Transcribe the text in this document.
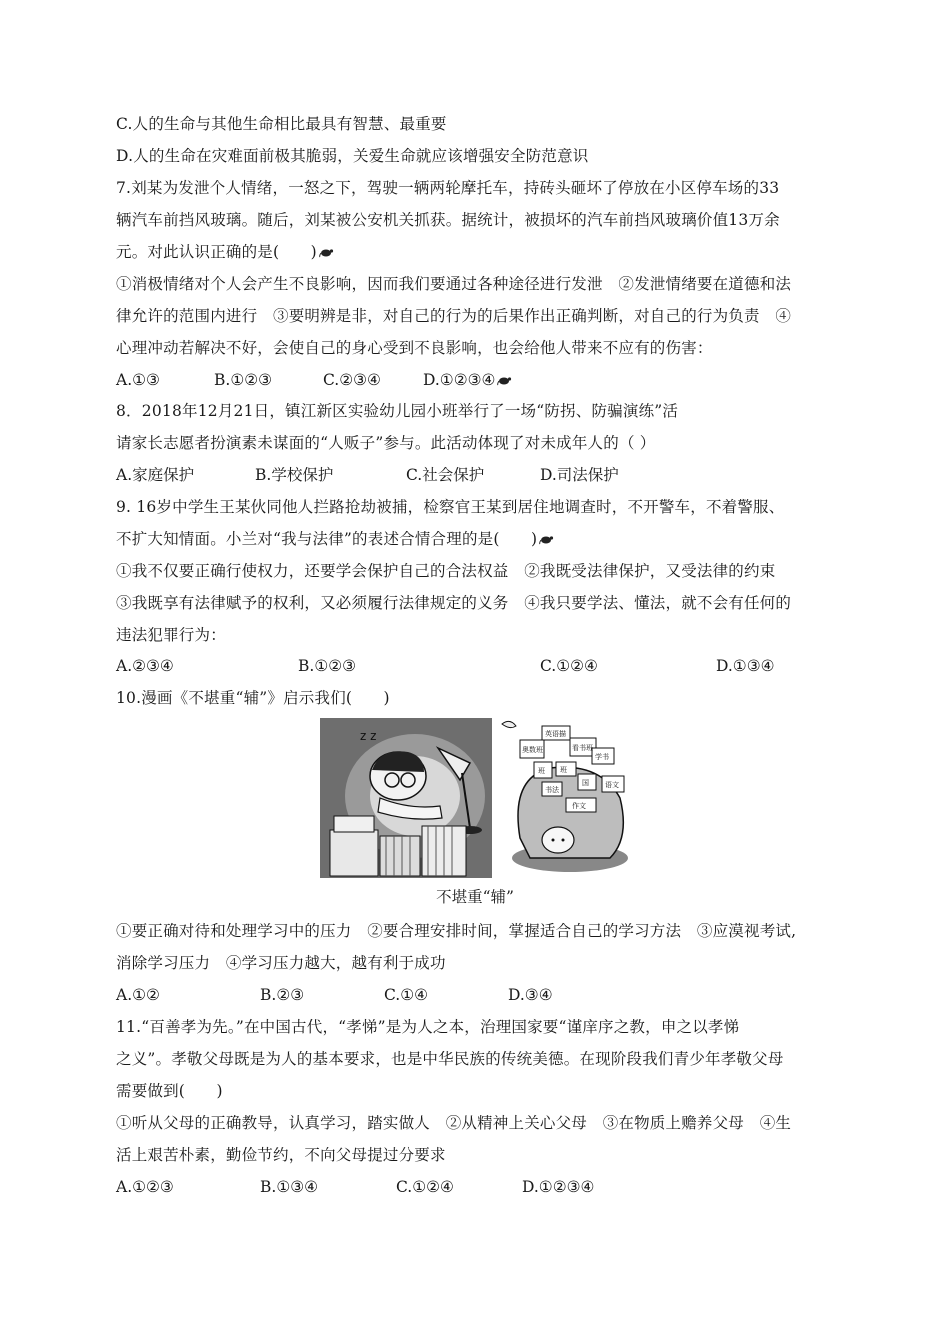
C.人的生命与其他生命相比最具有智慧、最重要
D.人的生命在灾难面前极其脆弱，关爱生命就应该增强安全防范意识
7.刘某为发泄个人情绪，一怒之下，驾驶一辆两轮摩托车，持砖头砸坏了停放在小区停车场的33
辆汽车前挡风玻璃。随后，刘某被公安机关抓获。据统计，被损坏的汽车前挡风玻璃价值13万余
元。对此认识正确的是(　　)
①消极情绪对个人会产生不良影响，因而我们要通过各种途径进行发泄　②发泄情绪要在道德和法
律允许的范围内进行　③要明辨是非，对自己的行为的后果作出正确判断，对自己的行为负责　④
心理冲动若解决不好，会使自己的身心受到不良影响，也会给他人带来不应有的伤害：
A.①③	B.①②③	C.②③④	D.①②③④
8．2018年12月21日，镇江新区实验幼儿园小班举行了一场“防拐、防骗演练”活
请家长志愿者扮演素未谋面的“人贩子”参与。此活动体现了对未成年人的（ ）
A.家庭保护	B.学校保护	C.社会保护	D.司法保护
9. 16岁中学生王某伙同他人拦路抢劫被捕，检察官王某到居住地调查时，不开警车，不着警服、
不扩大知情面。小兰对“我与法律”的表述合情合理的是(　　)
①我不仅要正确行使权力，还要学会保护自己的合法权益　②我既受法律保护，又受法律的约束
③我既享有法律赋予的权利，又必须履行法律规定的义务　④我只要学法、懂法，就不会有任何的
违法犯罪行为：
A.②③④	B.①②③	C.①②④	D.①③④
10.漫画《不堪重“辅”》启示我们(　　)
z z	英语描
奥数班	看书班
学书
班 班
国
书法
语文
作文
不堪重“辅”
①要正确对待和处理学习中的压力　②要合理安排时间，掌握适合自己的学习方法　③应漠视考试,
消除学习压力　④学习压力越大，越有利于成功
A.①②	B.②③	C.①④	D.③④
11.“百善孝为先。”在中国古代，“孝悌”是为人之本，治理国家要“谨庠序之教，申之以孝悌
之义”。孝敬父母既是为人的基本要求，也是中华民族的传统美德。在现阶段我们青少年孝敬父母
需要做到(　　)
①听从父母的正确教导，认真学习，踏实做人　②从精神上关心父母　③在物质上赡养父母　④生
活上艰苦朴素，勤俭节约，不向父母提过分要求
A.①②③	B.①③④	C.①②④	D.①②③④
